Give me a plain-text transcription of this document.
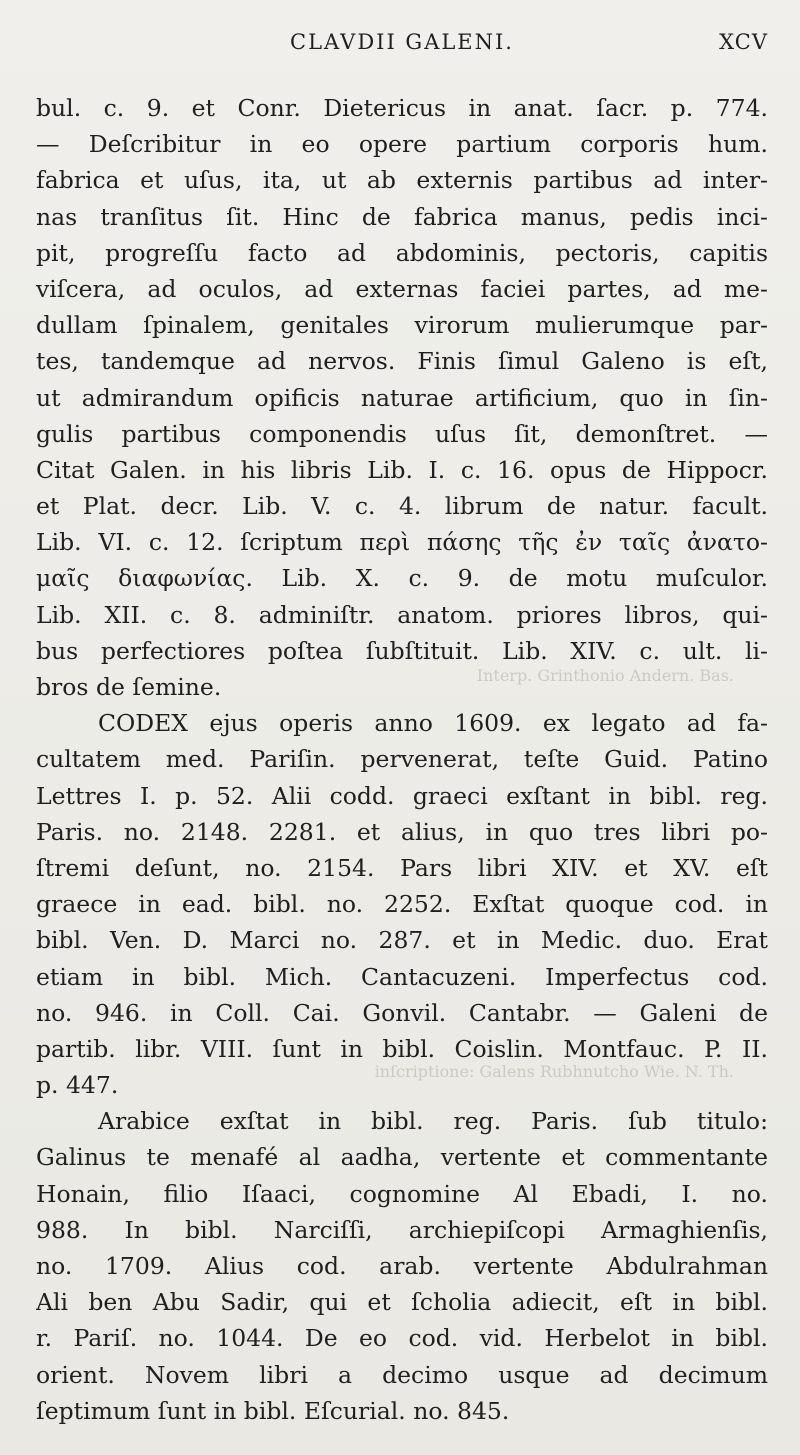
CLAVDII GALENI.	XCV
Interp. Grinthonio Andern. Bas.
inſcriptione: Galens Rubhnutcho Wie. N. Th.
bul. c. 9. et Conr. Dietericus in anat. ſacr. p. 774.
— Deſcribitur in eo opere partium corporis hum.
fabrica et uſus, ita, ut ab externis partibus ad inter-
nas tranſitus ſit. Hinc de fabrica manus, pedis inci-
pit, progreſſu facto ad abdominis, pectoris, capitis
viſcera, ad oculos, ad externas faciei partes, ad me-
dullam ſpinalem, genitales virorum mulierumque par-
tes, tandemque ad nervos. Finis ſimul Galeno is eſt,
ut admirandum opificis naturae artificium, quo in ſin-
gulis partibus componendis uſus ſit, demonſtret. —
Citat Galen. in his libris Lib. I. c. 16. opus de Hippocr.
et Plat. decr. Lib. V. c. 4. librum de natur. facult.
Lib. VI. c. 12. ſcriptum περὶ πάσης τῆς ἐν ταῖς ἀνατο-
μαῖς διαφωνίας. Lib. X. c. 9. de motu muſculor.
Lib. XII. c. 8. adminiſtr. anatom. priores libros, qui-
bus perfectiores poſtea ſubſtituit. Lib. XIV. c. ult. li-
bros de ſemine.
CODEX ejus operis anno 1609. ex legato ad fa-
cultatem med. Pariſin. pervenerat, teſte Guid. Patino
Lettres I. p. 52. Alii codd. graeci exſtant in bibl. reg.
Paris. no. 2148. 2281. et alius, in quo tres libri po-
ſtremi deſunt, no. 2154. Pars libri XIV. et XV. eſt
graece in ead. bibl. no. 2252. Exſtat quoque cod. in
bibl. Ven. D. Marci no. 287. et in Medic. duo. Erat
etiam in bibl. Mich. Cantacuzeni. Imperfectus cod.
no. 946. in Coll. Cai. Gonvil. Cantabr. — Galeni de
partib. libr. VIII. ſunt in bibl. Coislin. Montfauc. P. II.
p. 447.
Arabice exſtat in bibl. reg. Paris. ſub titulo:
Galinus te menafé al aadha, vertente et commentante
Honain, filio Iſaaci, cognomine Al Ebadi, I. no.
988. In bibl. Narciſſi, archiepiſcopi Armaghienſis,
no. 1709. Alius cod. arab. vertente Abdulrahman
Ali ben Abu Sadir, qui et ſcholia adiecit, eſt in bibl.
r. Pariſ. no. 1044. De eo cod. vid. Herbelot in bibl.
orient. Novem libri a decimo usque ad decimum
ſeptimum ſunt in bibl. Eſcurial. no. 845.
